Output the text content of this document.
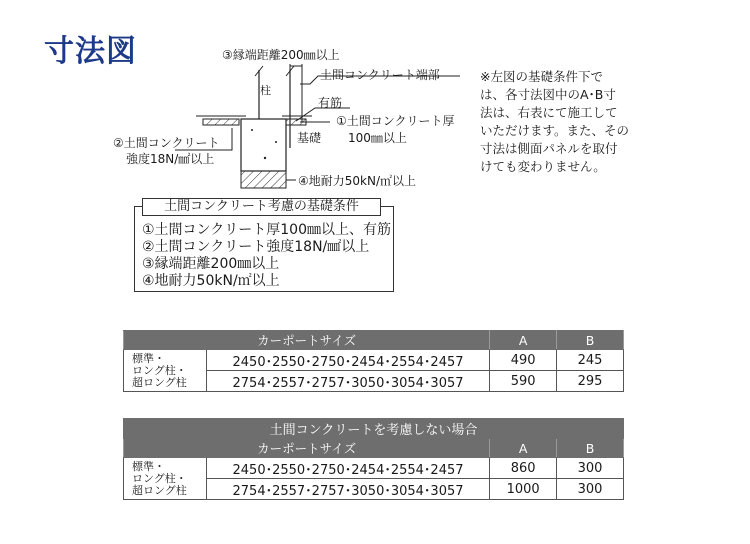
寸法図	③縁端距離200㎜以上
柱
土間コンクリート端部
有筋
①土間コンクリート厚
100㎜以上
基礎
②土間コンクリート
強度18N/㎟以上
④地耐力50kN/㎡以上
※左図の基礎条件下で
は、各寸法図中のA･B寸
法は、右表にて施工して
いただけます。また、その
寸法は側面パネルを取付
けても変わりません。
土間コンクリート考慮の基礎条件
①土間コンクリート厚100㎜以上、有筋
②土間コンクリート強度18N/㎟以上
③縁端距離200㎜以上
④地耐力50kN/㎡以上
カーポートサイズ		A	B

標準・
ロング柱・
超ロング柱	2450･2550･2750･2454･2554･2457	490	245
	2754･2557･2757･3050･3054･3057	590	295
土間コンクリートを考慮しない場合			
カーポートサイズ		A	B

標準・
ロング柱・
超ロング柱	2450･2550･2750･2454･2554･2457	860	300
	2754･2557･2757･3050･3054･3057	1000	300
